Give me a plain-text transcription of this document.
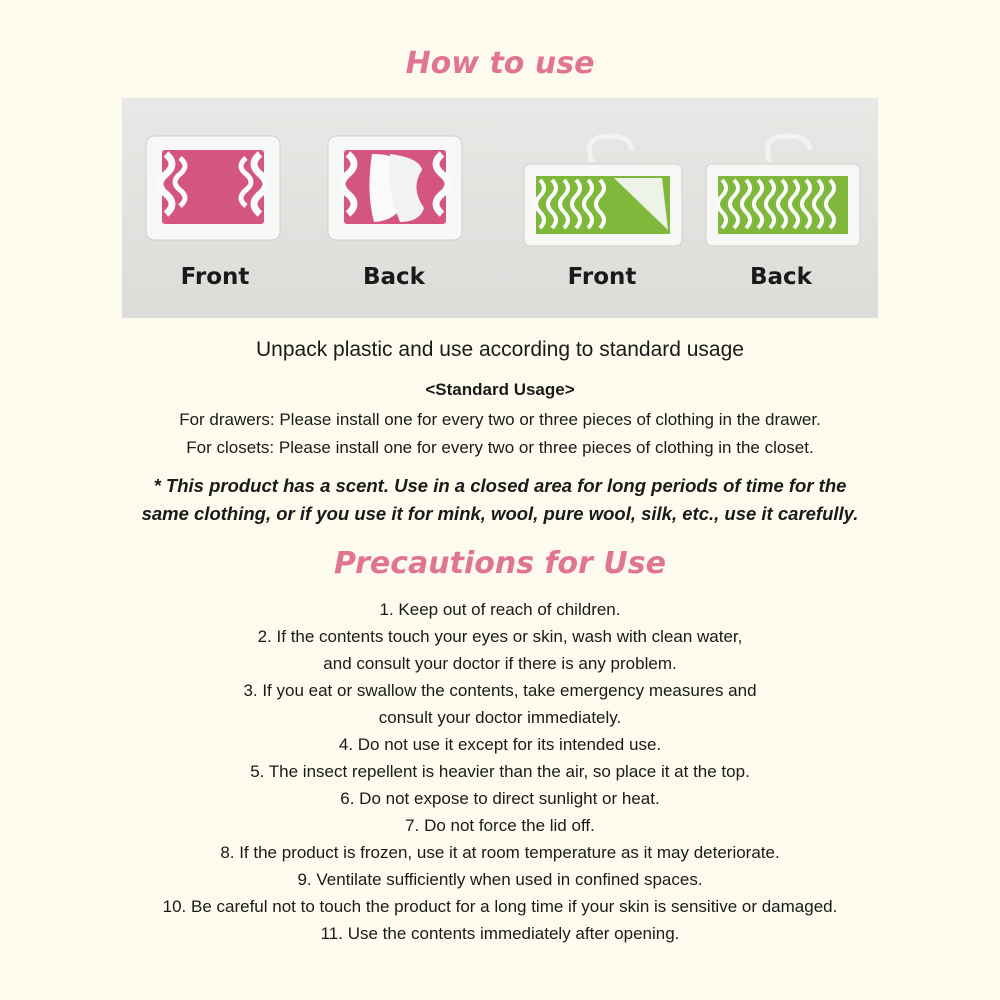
How to use
Front	Back	Front	Back
Unpack plastic and use according to standard usage
<Standard Usage>
For drawers: Please install one for every two or three pieces of clothing in the drawer.
For closets: Please install one for every two or three pieces of clothing in the closet.
* This product has a scent. Use in a closed area for long periods of time for the
same clothing, or if you use it for mink, wool, pure wool, silk, etc., use it carefully.
Precautions for Use
1. Keep out of reach of children.
2. If the contents touch your eyes or skin, wash with clean water,
and consult your doctor if there is any problem.
3. If you eat or swallow the contents, take emergency measures and
consult your doctor immediately.
4. Do not use it except for its intended use.
5. The insect repellent is heavier than the air, so place it at the top.
6. Do not expose to direct sunlight or heat.
7. Do not force the lid off.
8. If the product is frozen, use it at room temperature as it may deteriorate.
9. Ventilate sufficiently when used in confined spaces.
10. Be careful not to touch the product for a long time if your skin is sensitive or damaged.
11. Use the contents immediately after opening.
